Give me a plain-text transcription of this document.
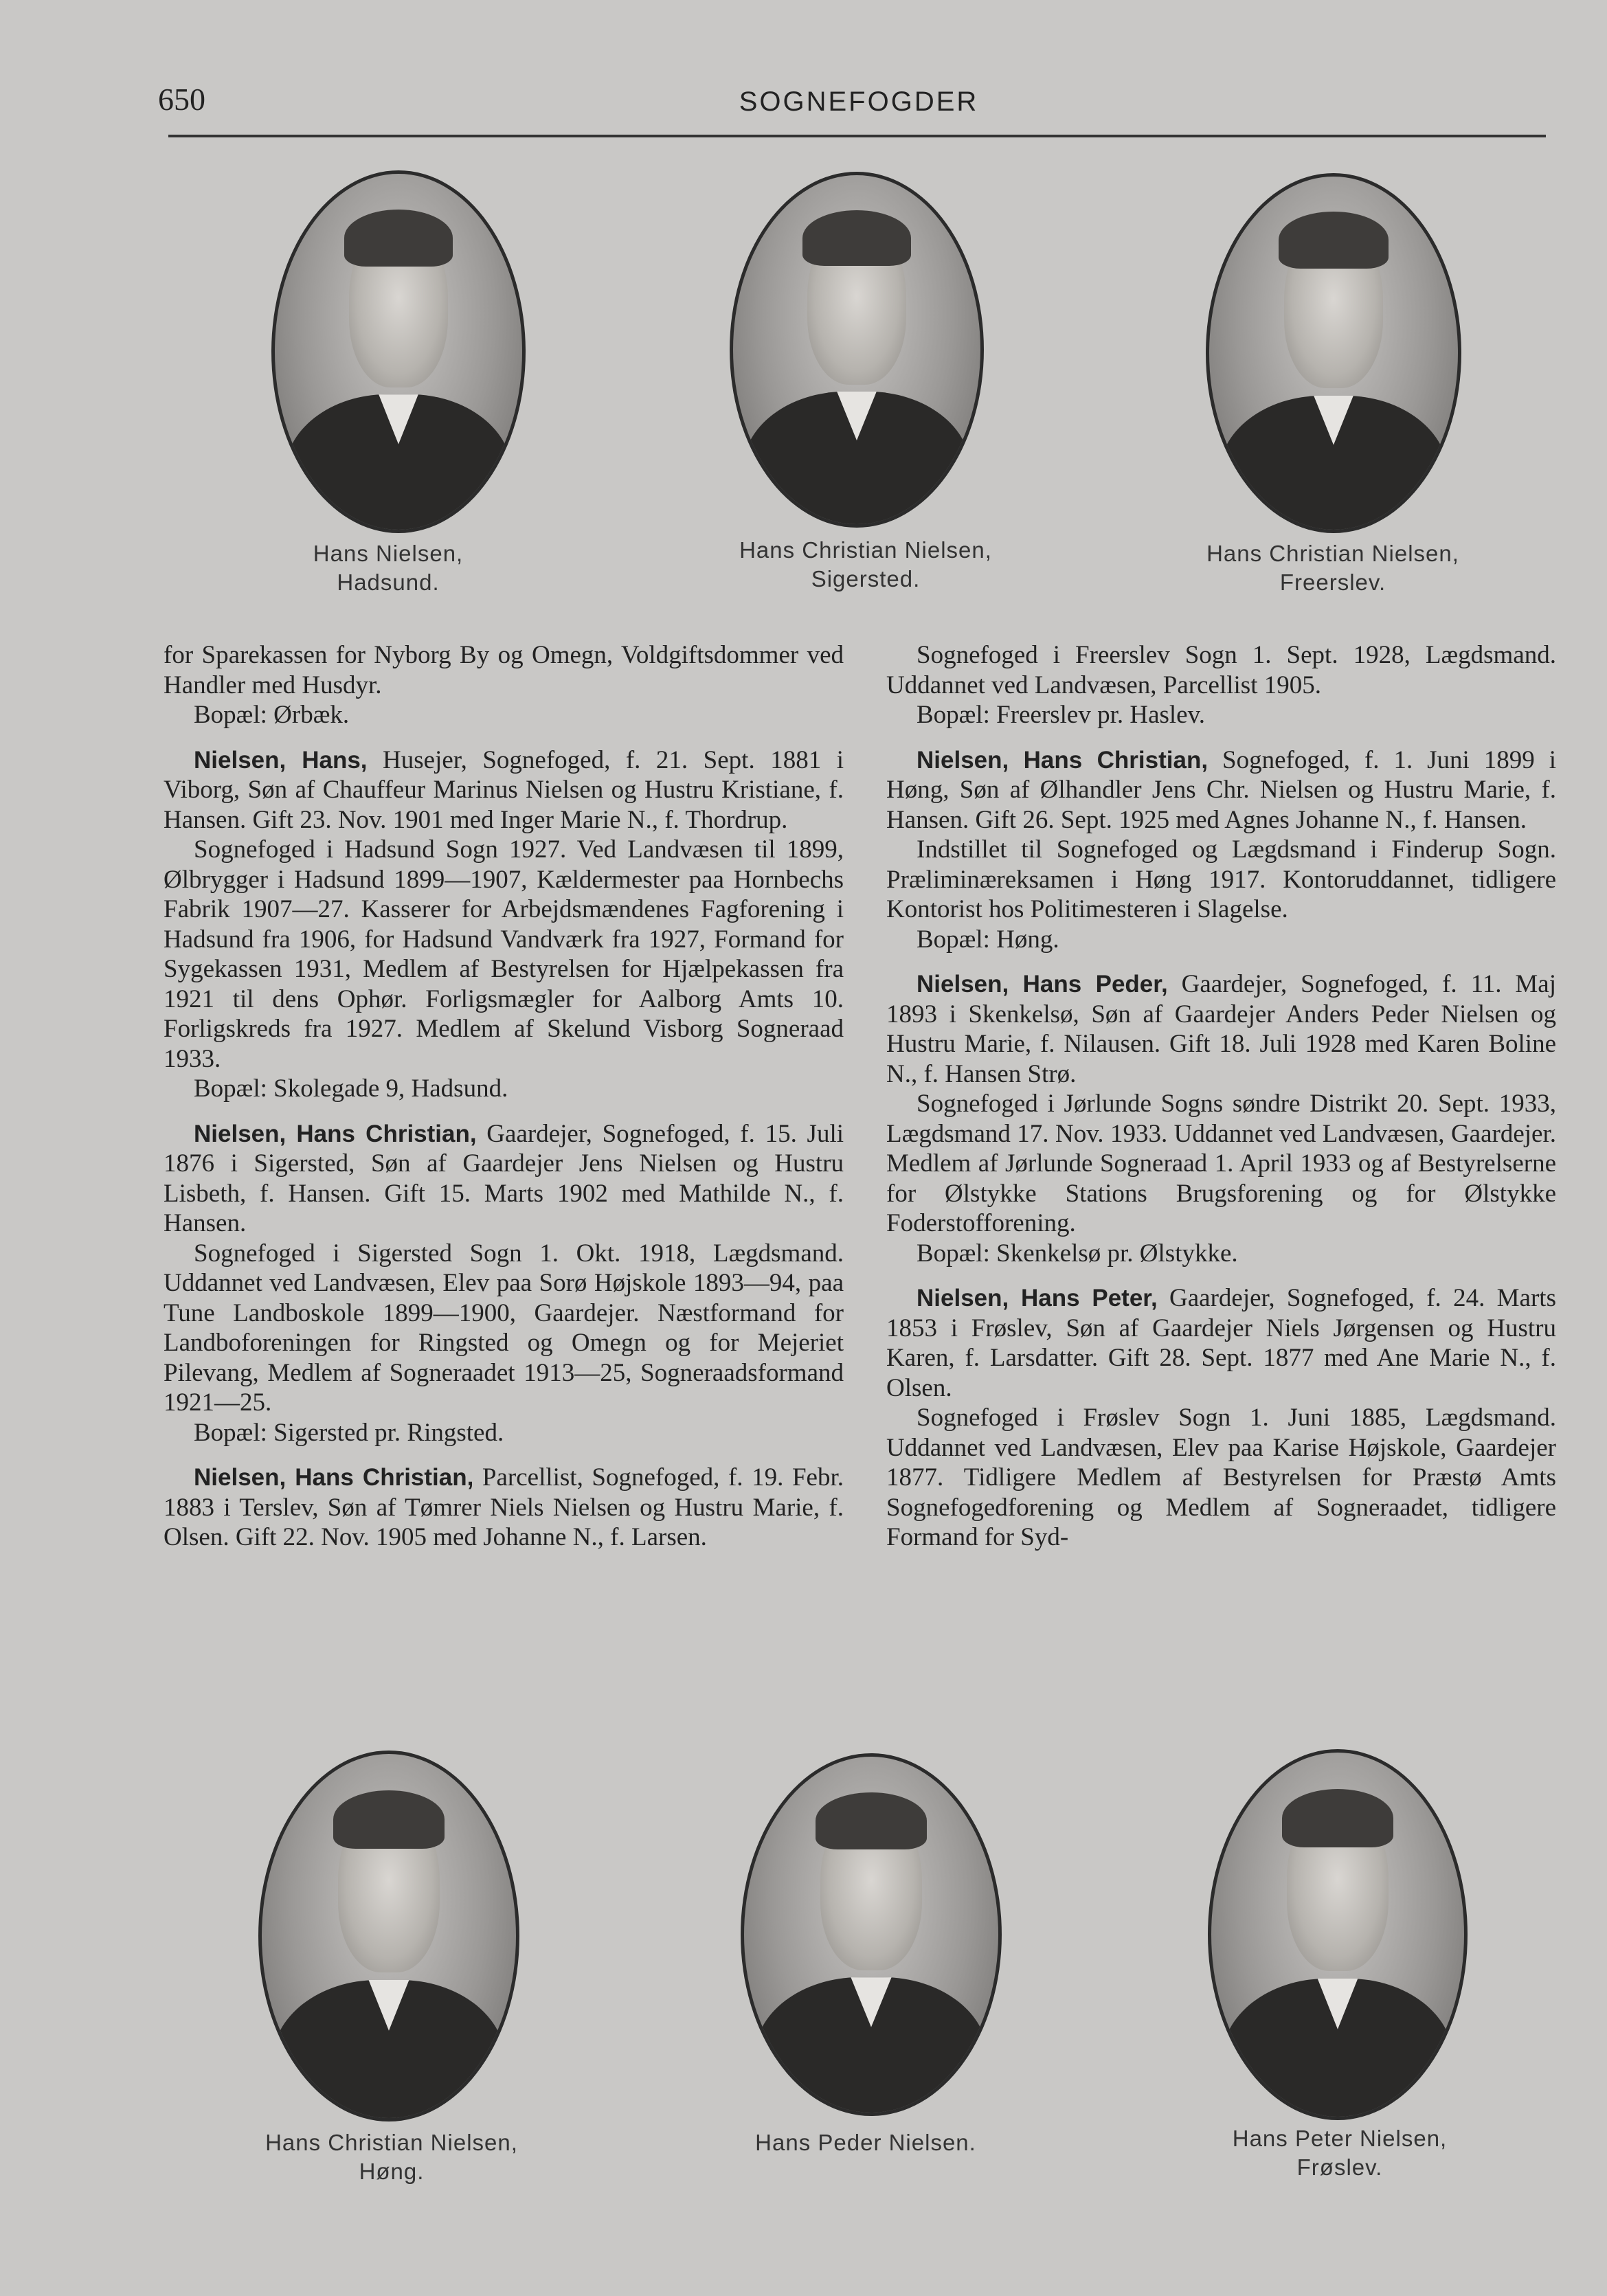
650	SOGNEFOGDER
Hans Nielsen,
Hadsund.
Hans Christian Nielsen,
Sigersted.
Hans Christian Nielsen,
Freerslev.

for Sparekassen for Nyborg By og Omegn, Voldgiftsdommer ved Handler med Husdyr.

Bopæl: Ørbæk.

Nielsen, Hans, Husejer, Sognefoged, f. 21. Sept. 1881 i Viborg, Søn af Chauffeur Marinus Nielsen og Hustru Kristiane, f. Hansen. Gift 23. Nov. 1901 med Inger Marie N., f. Thordrup.

Sognefoged i Hadsund Sogn 1927. Ved Landvæsen til 1899, Ølbrygger i Hadsund 1899—1907, Kældermester paa Hornbechs Fabrik 1907—27. Kasserer for Arbejdsmændenes Fagforening i Hadsund fra 1906, for Hadsund Vandværk fra 1927, Formand for Sygekassen 1931, Medlem af Bestyrelsen for Hjælpekassen fra 1921 til dens Ophør. Forligsmægler for Aalborg Amts 10. Forligskreds fra 1927. Medlem af Skelund Visborg Sogneraad 1933.

Bopæl: Skolegade 9, Hadsund.

Nielsen, Hans Christian, Gaardejer, Sognefoged, f. 15. Juli 1876 i Sigersted, Søn af Gaardejer Jens Nielsen og Hustru Lisbeth, f. Hansen. Gift 15. Marts 1902 med Mathilde N., f. Hansen.

Sognefoged i Sigersted Sogn 1. Okt. 1918, Lægdsmand. Uddannet ved Landvæsen, Elev paa Sorø Højskole 1893—94, paa Tune Landboskole 1899—1900, Gaardejer. Næstformand for Landboforeningen for Ringsted og Omegn og for Mejeriet Pilevang, Medlem af Sogneraadet 1913—25, Sogneraadsformand 1921—25.

Bopæl: Sigersted pr. Ringsted.

Nielsen, Hans Christian, Parcellist, Sognefoged, f. 19. Febr. 1883 i Terslev, Søn af Tømrer Niels Nielsen og Hustru Marie, f. Olsen. Gift 22. Nov. 1905 med Johanne N., f. Larsen.

Sognefoged i Freerslev Sogn 1. Sept. 1928, Lægdsmand. Uddannet ved Landvæsen, Parcellist 1905.

Bopæl: Freerslev pr. Haslev.

Nielsen, Hans Christian, Sognefoged, f. 1. Juni 1899 i Høng, Søn af Ølhandler Jens Chr. Nielsen og Hustru Marie, f. Hansen. Gift 26. Sept. 1925 med Agnes Johanne N., f. Hansen.

Indstillet til Sognefoged og Lægdsmand i Finderup Sogn. Præliminæreksamen i Høng 1917. Kontoruddannet, tidligere Kontorist hos Politimesteren i Slagelse.

Bopæl: Høng.

Nielsen, Hans Peder, Gaardejer, Sognefoged, f. 11. Maj 1893 i Skenkelsø, Søn af Gaardejer Anders Peder Nielsen og Hustru Marie, f. Nilausen. Gift 18. Juli 1928 med Karen Boline N., f. Hansen Strø.

Sognefoged i Jørlunde Sogns søndre Distrikt 20. Sept. 1933, Lægdsmand 17. Nov. 1933. Uddannet ved Landvæsen, Gaardejer. Medlem af Jørlunde Sogneraad 1. April 1933 og af Bestyrelserne for Ølstykke Stations Brugsforening og for Ølstykke Foderstofforening.

Bopæl: Skenkelsø pr. Ølstykke.

Nielsen, Hans Peter, Gaardejer, Sognefoged, f. 24. Marts 1853 i Frøslev, Søn af Gaardejer Niels Jørgensen og Hustru Karen, f. Larsdatter. Gift 28. Sept. 1877 med Ane Marie N., f. Olsen.

Sognefoged i Frøslev Sogn 1. Juni 1885, Lægdsmand. Uddannet ved Landvæsen, Elev paa Karise Højskole, Gaardejer 1877. Tidligere Medlem af Bestyrelsen for Præstø Amts Sognefogedforening og Medlem af Sogneraadet, tidligere Formand for Syd-

Hans Christian Nielsen,
Høng.
Hans Peder Nielsen.	Hans Peter Nielsen,
Frøslev.
